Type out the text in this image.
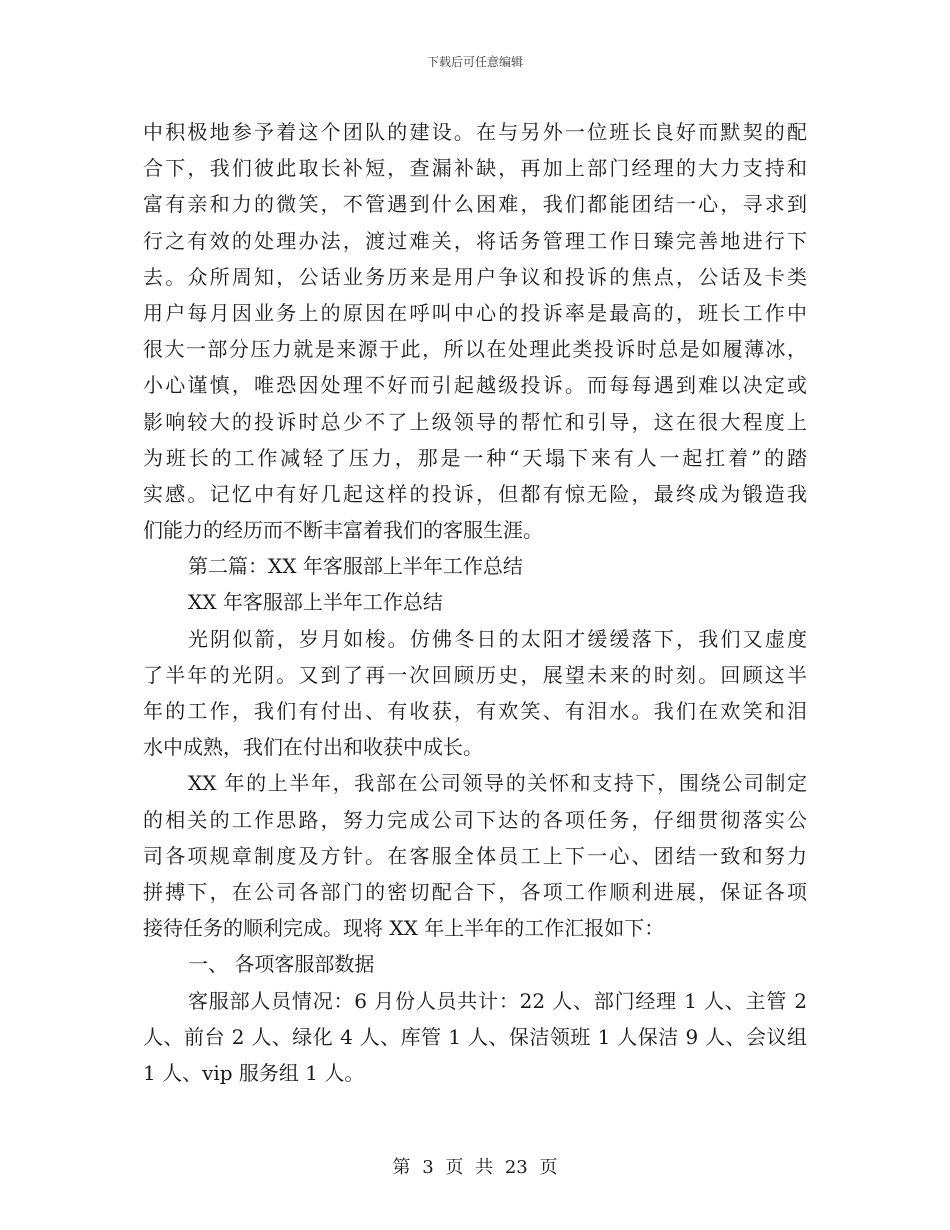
下载后可任意编辑
中积极地参予着这个团队的建设。在与另外一位班长良好而默契的配
合下，我们彼此取长补短，查漏补缺，再加上部门经理的大力支持和
富有亲和力的微笑，不管遇到什么困难，我们都能团结一心，寻求到
行之有效的处理办法，渡过难关，将话务管理工作日臻完善地进行下
去。众所周知，公话业务历来是用户争议和投诉的焦点，公话及卡类
用户每月因业务上的原因在呼叫中心的投诉率是最高的，班长工作中
很大一部分压力就是来源于此，所以在处理此类投诉时总是如履薄冰，
小心谨慎，唯恐因处理不好而引起越级投诉。而每每遇到难以决定或
影响较大的投诉时总少不了上级领导的帮忙和引导，这在很大程度上
为班长的工作减轻了压力，那是一种“天塌下来有人一起扛着”的踏
实感。记忆中有好几起这样的投诉，但都有惊无险，最终成为锻造我
们能力的经历而不断丰富着我们的客服生涯。
第二篇：XX 年客服部上半年工作总结
XX 年客服部上半年工作总结
光阴似箭，岁月如梭。仿佛冬日的太阳才缓缓落下，我们又虚度
了半年的光阴。又到了再一次回顾历史，展望未来的时刻。回顾这半
年的工作，我们有付出、有收获，有欢笑、有泪水。我们在欢笑和泪
水中成熟，我们在付出和收获中成长。
XX 年的上半年，我部在公司领导的关怀和支持下，围绕公司制定
的相关的工作思路，努力完成公司下达的各项任务，仔细贯彻落实公
司各项规章制度及方针。在客服全体员工上下一心、团结一致和努力
拼搏下，在公司各部门的密切配合下，各项工作顺利进展，保证各项
接待任务的顺利完成。现将 XX 年上半年的工作汇报如下：
一、 各项客服部数据
客服部人员情况：6 月份人员共计：22 人、部门经理 1 人、主管 2
人、前台 2 人、绿化 4 人、库管 1 人、保洁领班 1 人保洁 9 人、会议组
1 人、vip 服务组 1 人。
第 3 页 共 23 页
